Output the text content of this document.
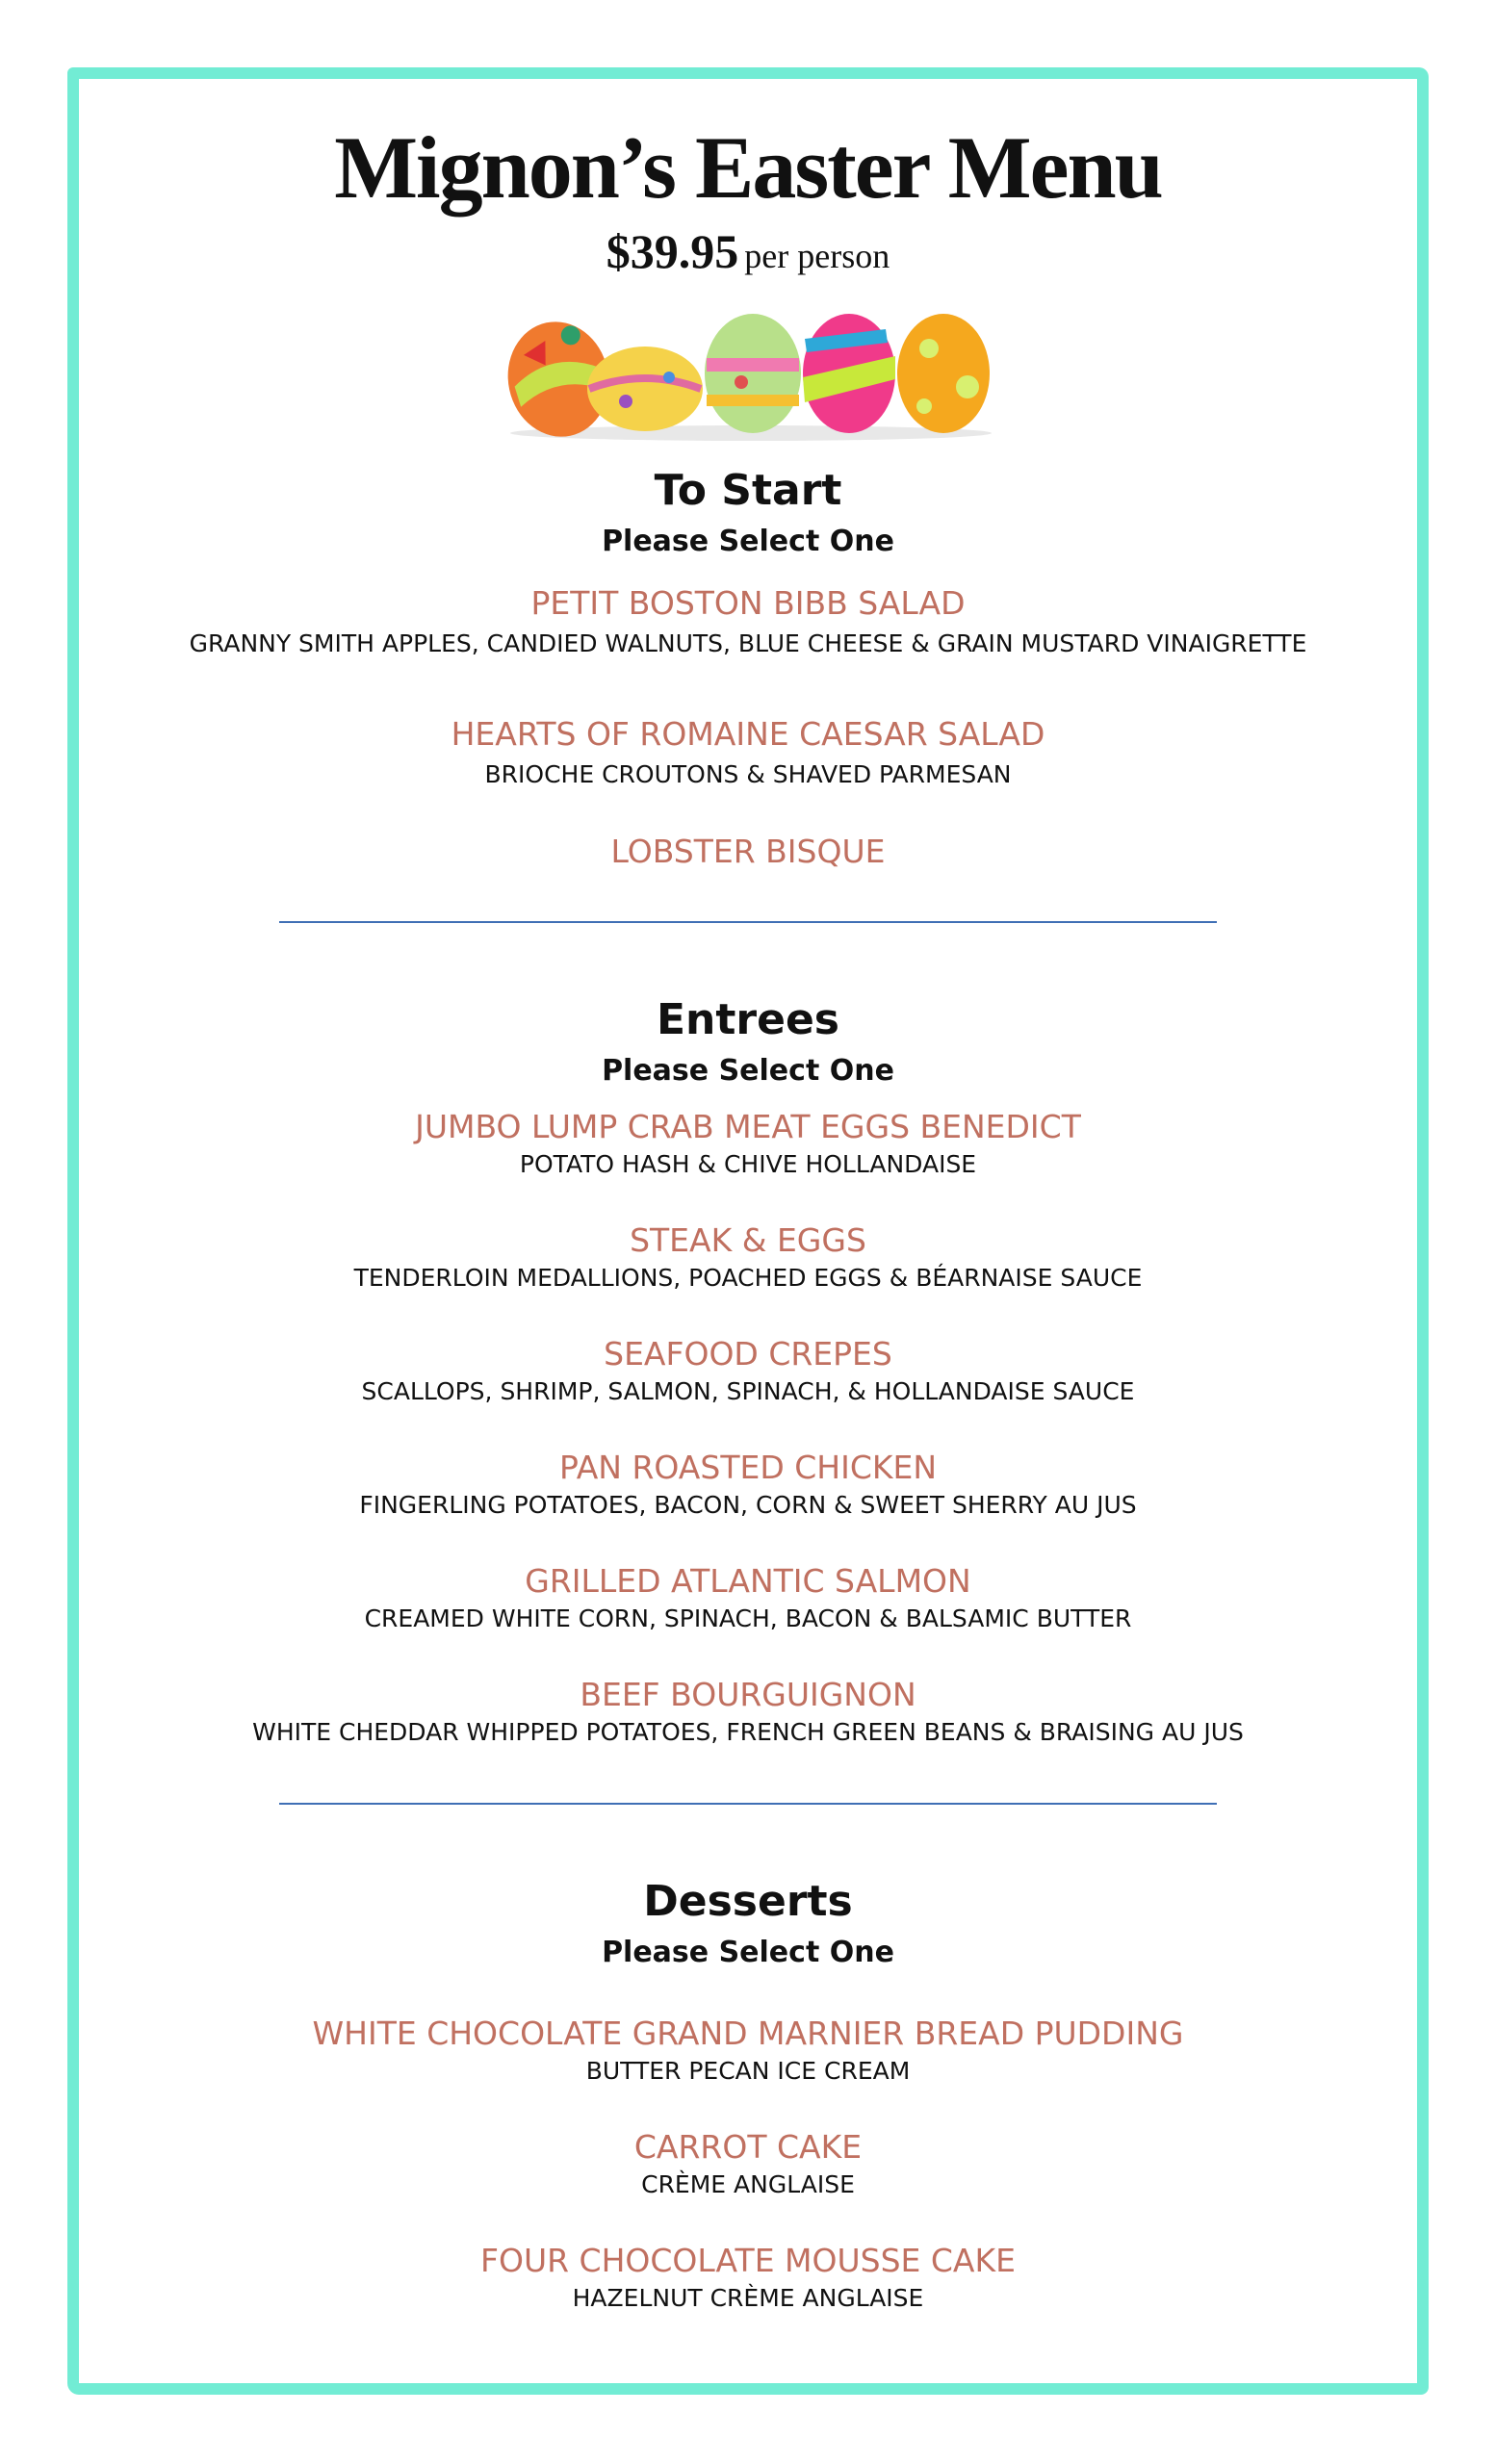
Mignon’s Easter Menu
$39.95 per person
To Start
Please Select One
PETIT BOSTON BIBB SALAD
GRANNY SMITH APPLES, CANDIED WALNUTS, BLUE CHEESE & GRAIN MUSTARD VINAIGRETTE
HEARTS OF ROMAINE CAESAR SALAD
BRIOCHE CROUTONS & SHAVED PARMESAN
LOBSTER BISQUE
Entrees
Please Select One
JUMBO LUMP CRAB MEAT EGGS BENEDICT
POTATO HASH & CHIVE HOLLANDAISE
STEAK & EGGS
TENDERLOIN MEDALLIONS, POACHED EGGS & BÉARNAISE SAUCE
SEAFOOD CREPES
SCALLOPS, SHRIMP, SALMON, SPINACH, & HOLLANDAISE SAUCE
PAN ROASTED CHICKEN
FINGERLING POTATOES, BACON, CORN & SWEET SHERRY AU JUS
GRILLED ATLANTIC SALMON
CREAMED WHITE CORN, SPINACH, BACON & BALSAMIC BUTTER
BEEF BOURGUIGNON
WHITE CHEDDAR WHIPPED POTATOES, FRENCH GREEN BEANS & BRAISING AU JUS
Desserts
Please Select One
WHITE CHOCOLATE GRAND MARNIER BREAD PUDDING
BUTTER PECAN ICE CREAM
CARROT CAKE
CRÈME ANGLAISE
FOUR CHOCOLATE MOUSSE CAKE
HAZELNUT CRÈME ANGLAISE
